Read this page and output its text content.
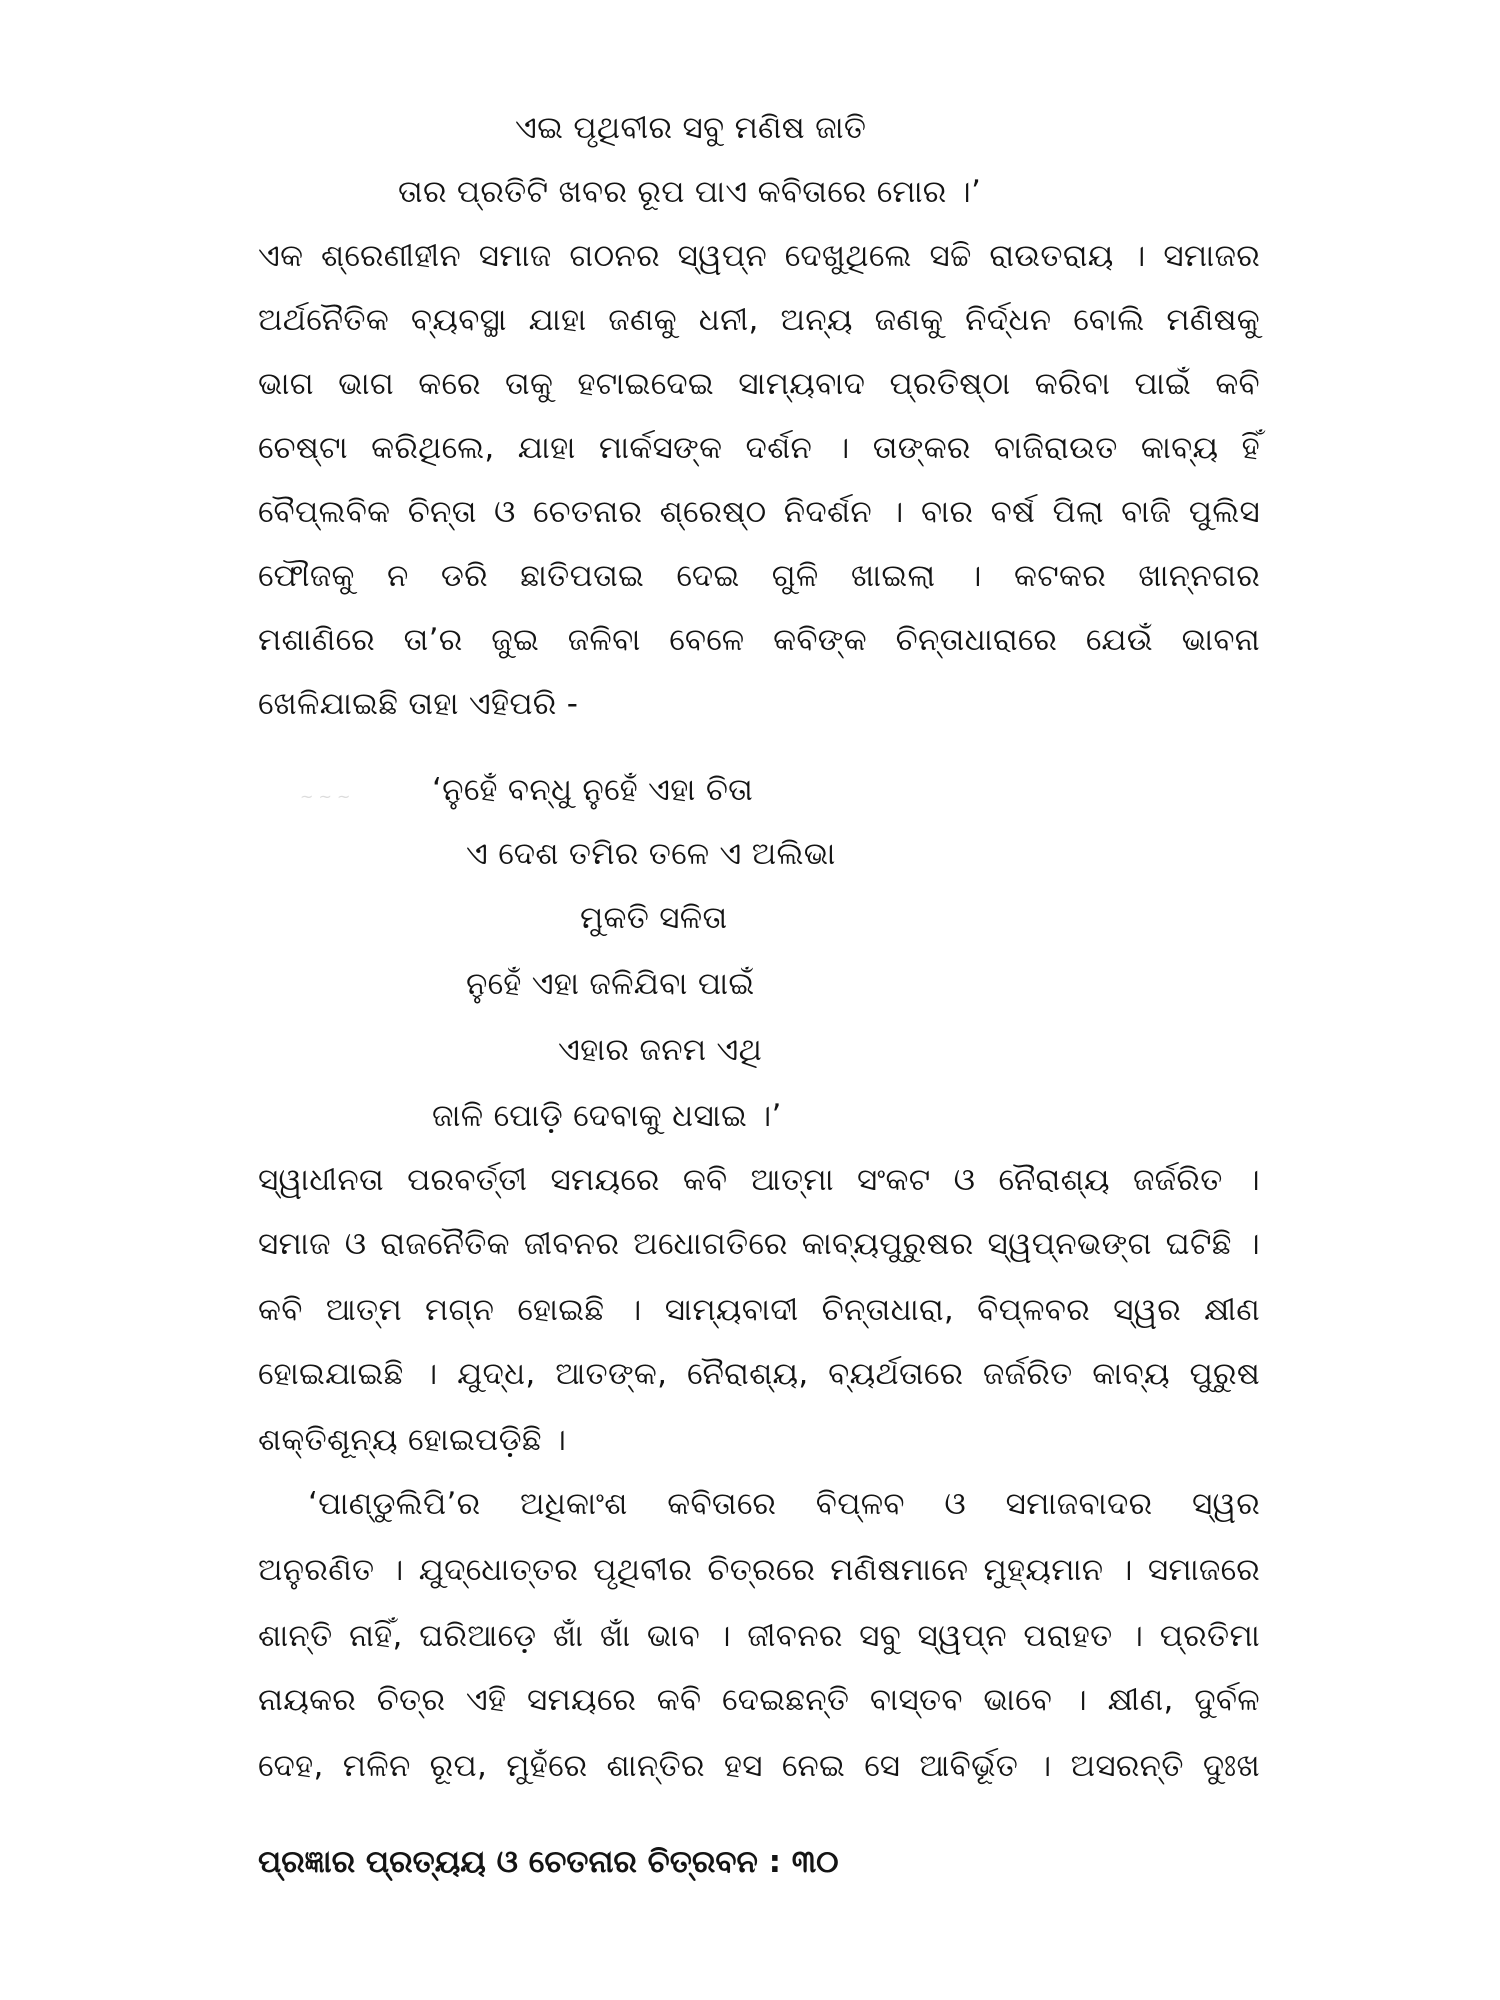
ଏଇ ପୃଥିବୀର ସବୁ ମଣିଷ ଜାତି
ତାର ପ୍ରତିଟି ଖବର ରୂପ ପାଏ କବିତାରେ ମୋର ।’
ଏକ ଶ୍ରେଣୀହୀନ ସମାଜ ଗଠନର ସ୍ୱପ୍ନ ଦେଖୁଥିଲେ ସଚ୍ଚି ରାଉତରାୟ । ସମାଜର
ଅର୍ଥନୈତିକ ବ୍ୟବସ୍ଥା ଯାହା ଜଣକୁ ଧନୀ, ଅନ୍ୟ ଜଣକୁ ନିର୍ଦ୍ଧନ ବୋଲି ମଣିଷକୁ
ଭାଗ ଭାଗ କରେ ତାକୁ ହଟାଇଦେଇ ସାମ୍ୟବାଦ ପ୍ରତିଷ୍ଠା କରିବା ପାଇଁ କବି
ଚେଷ୍ଟା କରିଥିଲେ, ଯାହା ମାର୍କସଙ୍କ ଦର୍ଶନ । ତାଙ୍କର ବାଜିରାଉତ କାବ୍ୟ ହିଁ
ବୈପ୍ଲବିକ ଚିନ୍ତା ଓ ଚେତନାର ଶ୍ରେଷ୍ଠ ନିଦର୍ଶନ । ବାର ବର୍ଷ ପିଲା ବାଜି ପୁଲିସ
ଫୌଜକୁ ନ ଡରି ଛାତିପତାଇ ଦେଇ ଗୁଳି ଖାଇଲା । କଟକର ଖାନ୍‌ନଗର
ମଶାଣିରେ ତା’ର ଜୁଇ ଜଳିବା ବେଳେ କବିଙ୍କ ଚିନ୍ତାଧାରାରେ ଯେଉଁ ଭାବନା
ଖେଳିଯାଇଛି ତାହା ଏହିପରି -
~ ~ ~	‘ନୁହେଁ ବନ୍ଧୁ ନୁହେଁ ଏହା ଚିତା
ଏ ଦେଶ ତମିର ତଳେ ଏ ଅଲିଭା
ମୁକତି ସଳିତା
ନୁହେଁ ଏହା ଜଳିଯିବା ପାଇଁ
ଏହାର ଜନମ ଏଥି
ଜାଳି ପୋଡ଼ି ଦେବାକୁ ଧସାଇ ।’
ସ୍ୱାଧୀନତା ପରବର୍ତ୍ତୀ ସମୟରେ କବି ଆତ୍ମା ସଂକଟ ଓ ନୈରାଶ୍ୟ ଜର୍ଜରିତ ।
ସମାଜ ଓ ରାଜନୈତିକ ଜୀବନର ଅଧୋଗତିରେ କାବ୍ୟପୁରୁଷର ସ୍ୱପ୍ନଭଙ୍ଗ ଘଟିଛି ।
କବି ଆତ୍ମ ମଗ୍ନ ହୋଇଛି । ସାମ୍ୟବାଦୀ ଚିନ୍ତାଧାରା, ବିପ୍ଳବର ସ୍ୱର କ୍ଷୀଣ
ହୋଇଯାଇଛି । ଯୁଦ୍ଧ, ଆତଙ୍କ, ନୈରାଶ୍ୟ, ବ୍ୟର୍ଥତାରେ ଜର୍ଜରିତ କାବ୍ୟ ପୁରୁଷ
ଶକ୍ତିଶୂନ୍ୟ ହୋଇପଡ଼ିଛି ।
‘ପାଣ୍ଡୁଲିପି’ର ଅଧିକାଂଶ କବିତାରେ ବିପ୍ଳବ ଓ ସମାଜବାଦର ସ୍ୱର
ଅନୁରଣିତ । ଯୁଦ୍ଧୋତ୍ତର ପୃଥିବୀର ଚିତ୍ରରେ ମଣିଷମାନେ ମୁହ୍ୟମାନ । ସମାଜରେ
ଶାନ୍ତି ନାହିଁ, ଘରିଆଡ଼େ ଖାଁ ଖାଁ ଭାବ । ଜୀବନର ସବୁ ସ୍ୱପ୍ନ ପରାହତ । ପ୍ରତିମା
ନାୟକର ଚିତ୍ର ଏହି ସମୟରେ କବି ଦେଇଛନ୍ତି ବାସ୍ତବ ଭାବେ । କ୍ଷୀଣ, ଦୁର୍ବଳ
ଦେହ, ମଳିନ ରୂପ, ମୁହଁରେ ଶାନ୍ତିର ହସ ନେଇ ସେ ଆବିର୍ଭୂତ । ଅସରନ୍ତି ଦୁଃଖ
ପ୍ରଜ୍ଞାର ପ୍ରତ୍ୟୟ ଓ ଚେତନାର ଚିତ୍ରବନ : ୩୦
